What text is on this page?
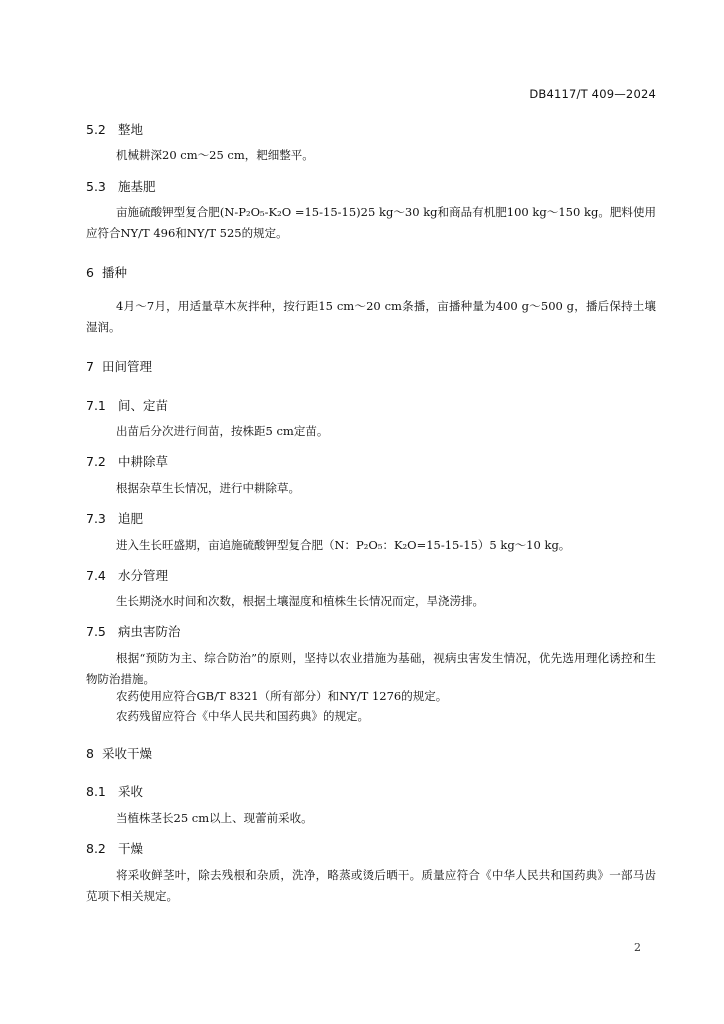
DB4117/T 409—2024
5.2 整地
机械耕深20 cm～25 cm，耙细整平。
5.3 施基肥
亩施硫酸钾型复合肥(N-P₂O₅-K₂O =15-15-15)25 kg～30 kg和商品有机肥100 kg～150 kg。肥料使用应符合NY/T 496和NY/T 525的规定。
6 播种
4月～7月，用适量草木灰拌种，按行距15 cm～20 cm条播，亩播种量为400 g～500 g，播后保持土壤湿润。
7 田间管理
7.1 间、定苗
出苗后分次进行间苗，按株距5 cm定苗。
7.2 中耕除草
根据杂草生长情况，进行中耕除草。
7.3 追肥
进入生长旺盛期，亩追施硫酸钾型复合肥（N：P₂O₅：K₂O=15-15-15）5 kg～10 kg。
7.4 水分管理
生长期浇水时间和次数，根据土壤湿度和植株生长情况而定，旱浇涝排。
7.5 病虫害防治
根据“预防为主、综合防治”的原则，坚持以农业措施为基础，视病虫害发生情况，优先选用理化诱控和生物防治措施。
农药使用应符合GB/T 8321（所有部分）和NY/T 1276的规定。
农药残留应符合《中华人民共和国药典》的规定。
8 采收干燥
8.1 采收
当植株茎长25 cm以上、现蕾前采收。
8.2 干燥
将采收鲜茎叶，除去残根和杂质，洗净，略蒸或烫后晒干。质量应符合《中华人民共和国药典》一部马齿苋项下相关规定。
2
